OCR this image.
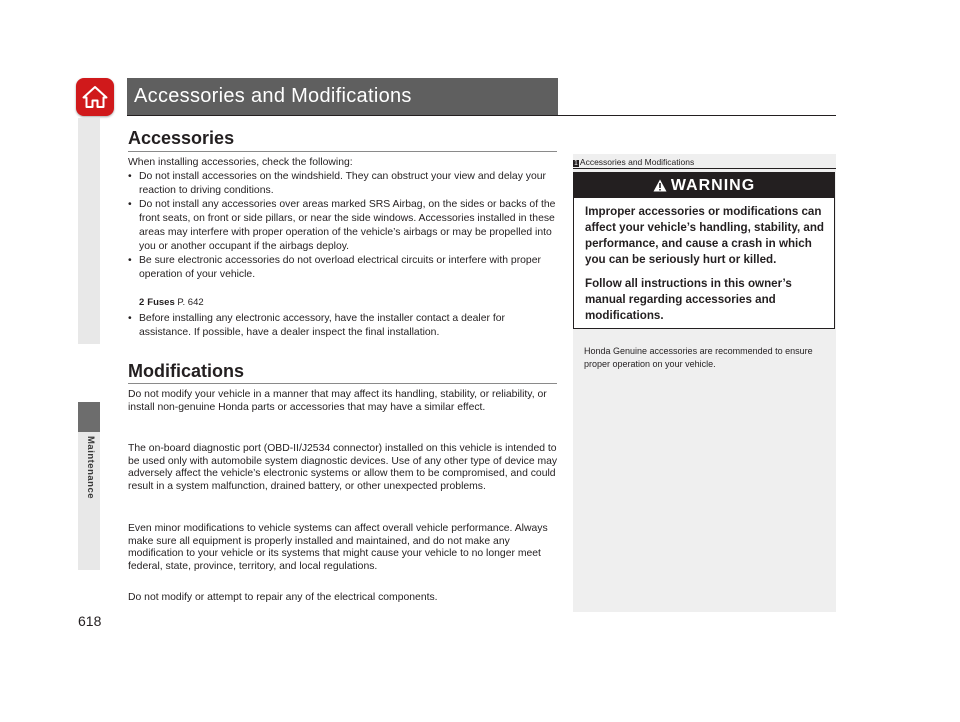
Accessories and Modifications
Maintenance
618
Accessories
When installing accessories, check the following:
• Do not install accessories on the windshield. They can obstruct your view and delay your reaction to driving conditions.
• Do not install any accessories over areas marked SRS Airbag, on the sides or backs of the front seats, on front or side pillars, or near the side windows. Accessories installed in these areas may interfere with proper operation of the vehicle’s airbags or may be propelled into you or another occupant if the airbags deploy.
• Be sure electronic accessories do not overload electrical circuits or interfere with proper operation of your vehicle.
2 Fuses P. 642
• Before installing any electronic accessory, have the installer contact a dealer for assistance. If possible, have a dealer inspect the final installation.
Modifications
Do not modify your vehicle in a manner that may affect its handling, stability, or reliability, or install non-genuine Honda parts or accessories that may have a similar effect.
The on-board diagnostic port (OBD-II/J2534 connector) installed on this vehicle is intended to be used only with automobile system diagnostic devices. Use of any other type of device may adversely affect the vehicle’s electronic systems or allow them to be compromised, and could result in a system malfunction, drained battery, or other unexpected problems.
Even minor modifications to vehicle systems can affect overall vehicle performance. Always make sure all equipment is properly installed and maintained, and do not make any modification to your vehicle or its systems that might cause your vehicle to no longer meet federal, state, province, territory, and local regulations.
Do not modify or attempt to repair any of the electrical components.
1 Accessories and Modifications
WARNING
Improper accessories or modifications can affect your vehicle’s handling, stability, and performance, and cause a crash in which you can be seriously hurt or killed.
Follow all instructions in this owner’s manual regarding accessories and modifications.
Honda Genuine accessories are recommended to ensure proper operation on your vehicle.
